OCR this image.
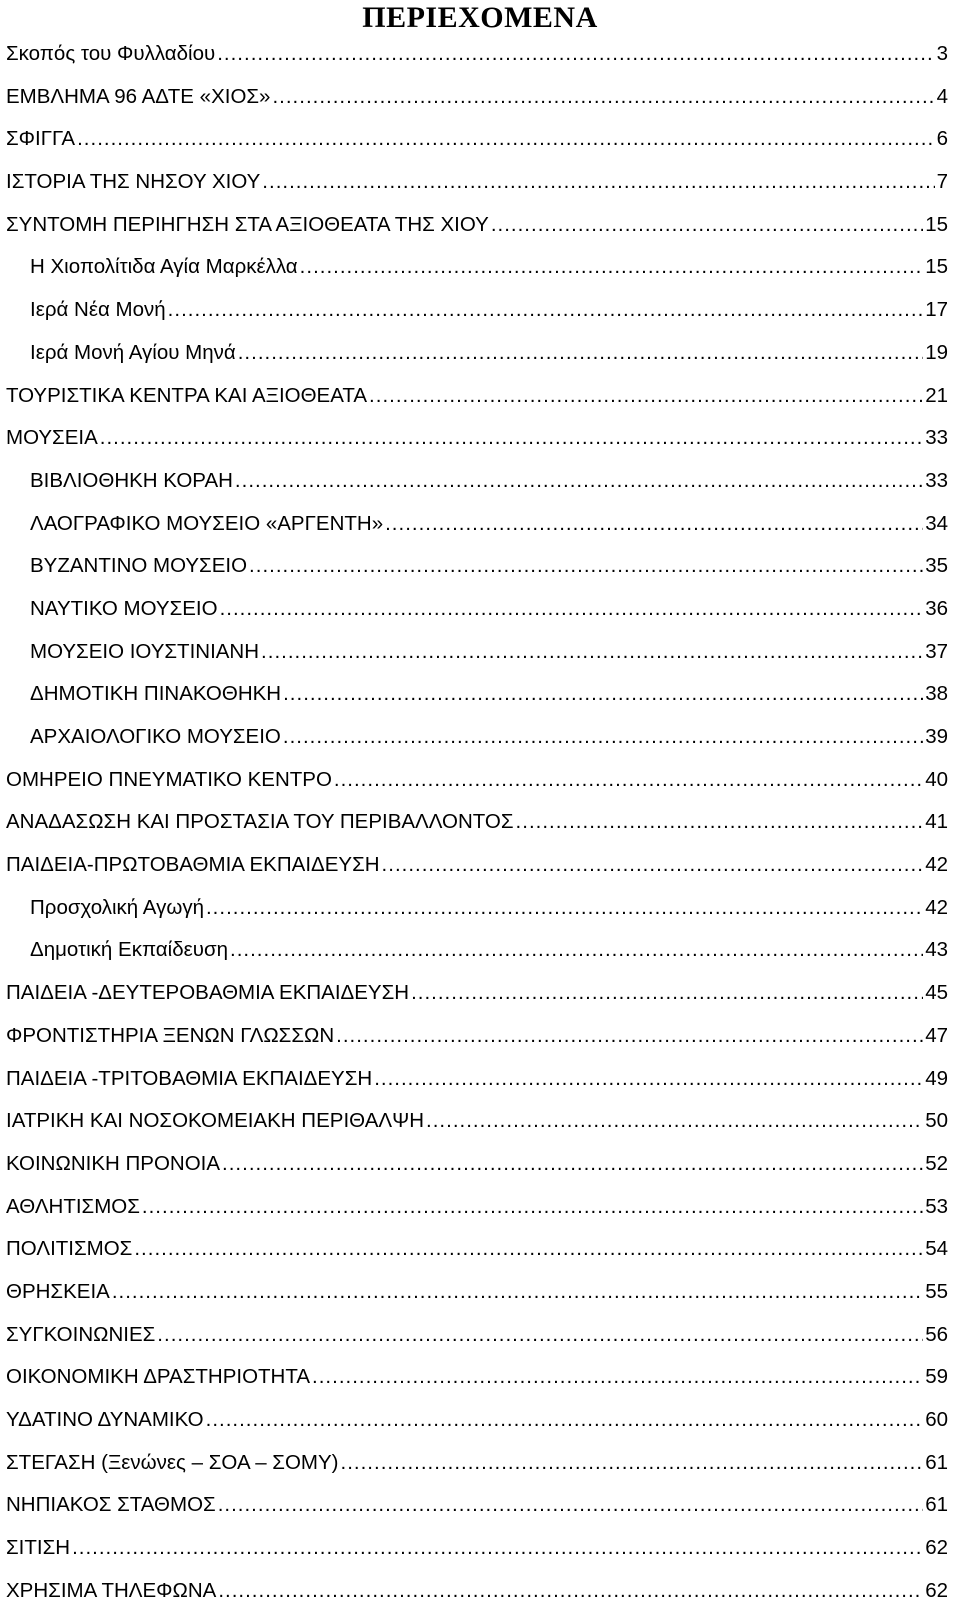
ΠΕΡΙΕΧΟΜΕΝΑ
Σκοπός του Φυλλαδίου .....	3
ΕΜΒΛΗΜΑ 96 ΑΔΤΕ «ΧΙΟΣ» .....	4
ΣΦΙΓΓΑ .....	6
ΙΣΤΟΡΙΑ ΤΗΣ ΝΗΣΟΥ ΧΙΟΥ .....	7
ΣΥΝΤΟΜΗ ΠΕΡΙΗΓΗΣΗ ΣΤΑ ΑΞΙΟΘΕΑΤΑ ΤΗΣ ΧΙΟΥ .....	15
Η Χιοπολίτιδα Αγία Μαρκέλλα .....	15
Ιερά Νέα Μονή .....	17
Ιερά Μονή Αγίου Μηνά .....	19
ΤΟΥΡΙΣΤΙΚΑ ΚΕΝΤΡΑ ΚΑΙ ΑΞΙΟΘΕΑΤΑ .....	21
ΜΟΥΣΕΙΑ .....	33
ΒΙΒΛΙΟΘΗΚΗ ΚΟΡΑΗ .....	33
ΛΑΟΓΡΑΦΙΚΟ ΜΟΥΣΕΙΟ «ΑΡΓΕΝΤΗ» .....	34
ΒΥΖΑΝΤΙΝΟ ΜΟΥΣΕΙΟ .....	35
ΝΑΥΤΙΚΟ ΜΟΥΣΕΙΟ .....	36
ΜΟΥΣΕΙΟ ΙΟΥΣΤΙΝΙΑΝΗ .....	37
ΔΗΜΟΤΙΚΗ ΠΙΝΑΚΟΘΗΚΗ .....	38
ΑΡΧΑΙΟΛΟΓΙΚΟ ΜΟΥΣΕΙΟ .....	39
ΟΜΗΡΕΙΟ ΠΝΕΥΜΑΤΙΚΟ ΚΕΝΤΡΟ .....	40
ΑΝΑΔΑΣΩΣΗ ΚΑΙ ΠΡΟΣΤΑΣΙΑ ΤΟΥ ΠΕΡΙΒΑΛΛΟΝΤΟΣ .....	41
ΠΑΙΔΕΙΑ-ΠΡΩΤΟΒΑΘΜΙΑ ΕΚΠΑΙΔΕΥΣΗ .....	42
Προσχολική Αγωγή .....	42
Δημοτική Εκπαίδευση .....	43
ΠΑΙΔΕΙΑ -ΔΕΥΤΕΡΟΒΑΘΜΙΑ ΕΚΠΑΙΔΕΥΣΗ .....	45
ΦΡΟΝΤΙΣΤΗΡΙΑ ΞΕΝΩΝ ΓΛΩΣΣΩΝ .....	47
ΠΑΙΔΕΙΑ -ΤΡΙΤΟΒΑΘΜΙΑ ΕΚΠΑΙΔΕΥΣΗ .....	49
ΙΑΤΡΙΚΗ ΚΑΙ ΝΟΣΟΚΟΜΕΙΑΚΗ ΠΕΡΙΘΑΛΨΗ .....	50
ΚΟΙΝΩΝΙΚΗ ΠΡΟΝΟΙΑ .....	52
ΑΘΛΗΤΙΣΜΟΣ .....	53
ΠΟΛΙΤΙΣΜΟΣ .....	54
ΘΡΗΣΚΕΙΑ .....	55
ΣΥΓΚΟΙΝΩΝΙΕΣ .....	56
ΟΙΚΟΝΟΜΙΚΗ ΔΡΑΣΤΗΡΙΟΤΗΤΑ .....	59
ΥΔΑΤΙΝΟ ΔΥΝΑΜΙΚΟ .....	60
ΣΤΕΓΑΣΗ (Ξενώνες – ΣΟΑ – ΣΟΜΥ) .....	61
ΝΗΠΙΑΚΟΣ ΣΤΑΘΜΟΣ .....	61
ΣΙΤΙΣΗ .....	62
ΧΡΗΣΙΜΑ ΤΗΛΕΦΩΝΑ .....	62
